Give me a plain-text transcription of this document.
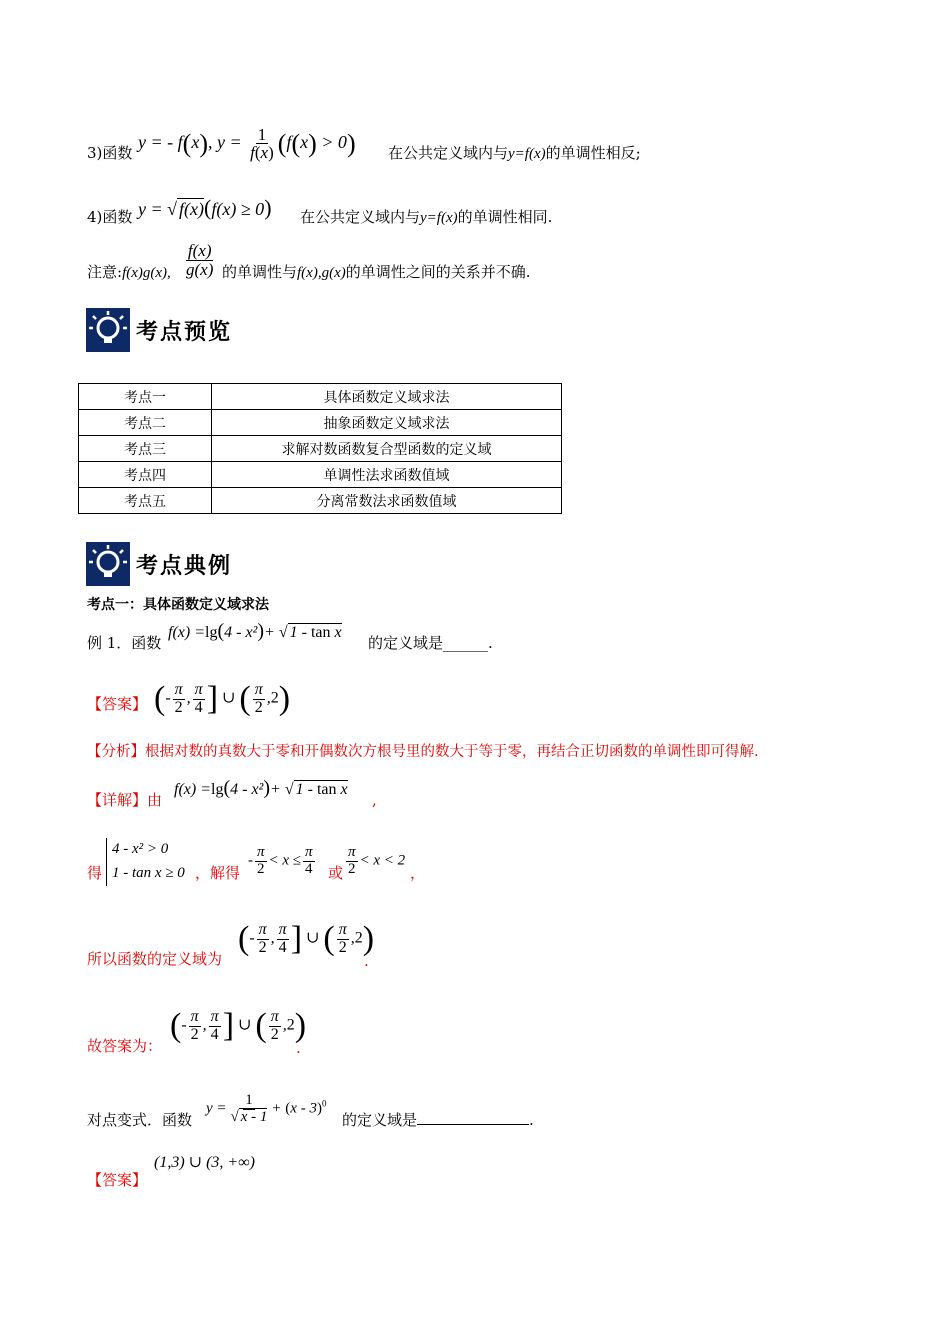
3)函数
y = - f(x), $y = \frac{1}{f(x)} (f(x) > 0)$ 在公共定义域内与y=f(x)的单调性相反;
4)函数 y = √ f(x)(f(x) ≥ 0) 在公共定义域内与y=f(x)的单调性相同.
注意:f(x)g(x), $\frac{f(x)}{g(x)}$ 的单调性与f(x),g(x)的单调性之间的关系并不确.
考点预览
考点一	具体函数定义域求法
考点二	抽象函数定义域求法
考点三	求解对数函数复合型函数的定义域
考点四	单调性法求函数值域
考点五	分离常数法求函数值域
考点典例
考点一：具体函数定义域求法
例 1．函数
f(x) =lg(4 - x²)+ √ 1 - tan x
的定义域是______.
【答案】 (- $\frac{\pi}{2}$ , $\frac{\pi}{4}$ ] ∪ ( $\frac{\pi}{2} ,2$)
【分析】根据对数的真数大于零和开偶数次方根号里的数大于等于零，再结合正切函数的单调性即可得解.
【详解】由
f(x) =lg(4 - x²)+ √ 1 - tan x
,
得
4 - x² > 0
1 - tan x ≥ 0 ，解得
- $\frac{\pi}{2} < x \le \frac{\pi}{4}$ 或 $\frac{\pi}{2} < x < 2$
，
所以函数的定义域为
(- $\frac{\pi}{2}$ , $\frac{\pi}{4}$ ] ∪ ( $\frac{\pi}{2} ,2$)
.
故答案为：
(- $\frac{\pi}{2}$ , $\frac{\pi}{4}$ ] ∪ ( $\frac{\pi}{2} ,2$)
.
对点变式．函数
$y = \frac{1}{√ x - 1} + (x - 3)^0$
的定义域是	.
【答案】
(1,3) ∪ (3, +∞)
